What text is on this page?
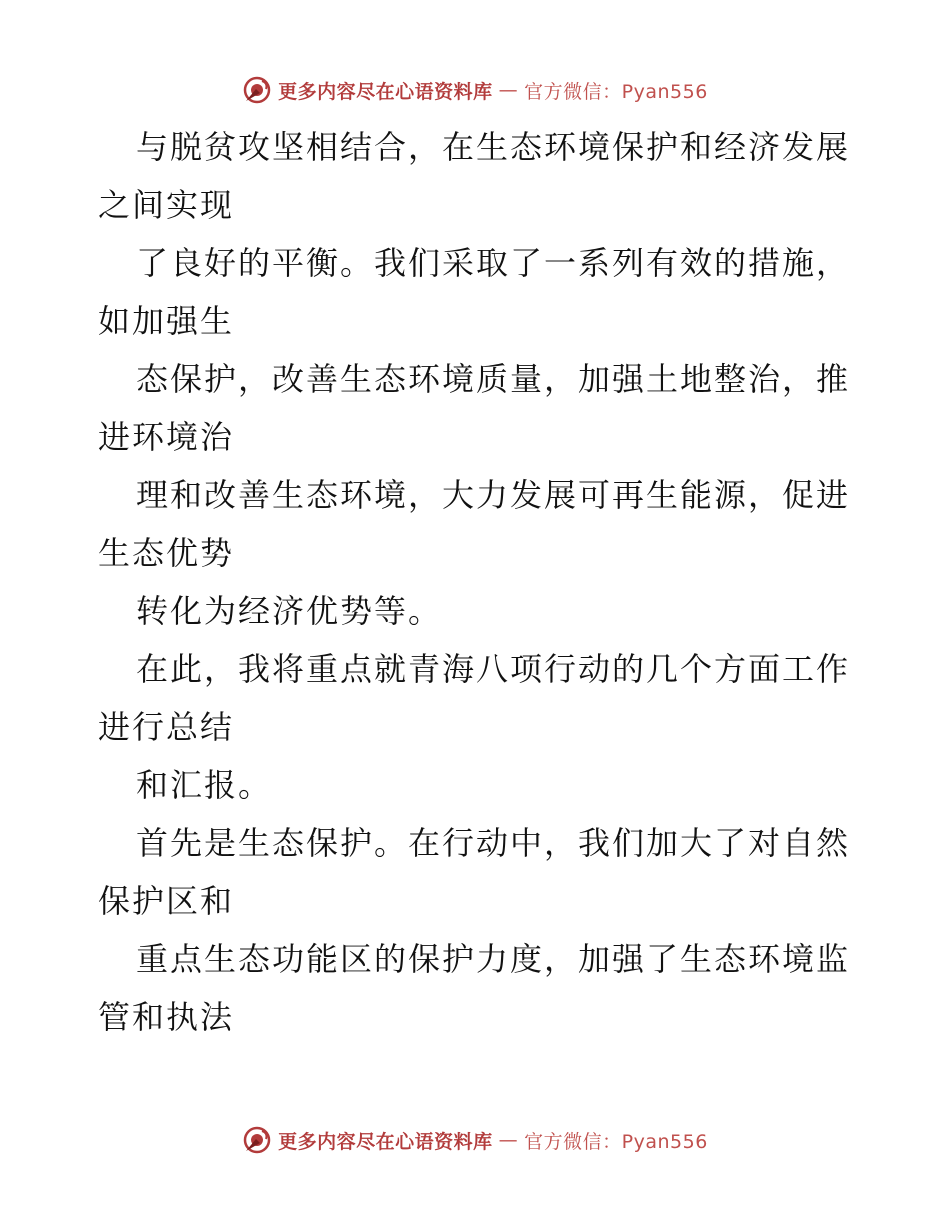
更多内容尽在心语资料库 — 官方微信：Pyan556
与脱贫攻坚相结合，在生态环境保护和经济发展
之间实现
了良好的平衡。我们采取了一系列有效的措施，
如加强生
态保护，改善生态环境质量，加强土地整治，推
进环境治
理和改善生态环境，大力发展可再生能源，促进
生态优势
转化为经济优势等。
在此，我将重点就青海八项行动的几个方面工作
进行总结
和汇报。
首先是生态保护。在行动中，我们加大了对自然
保护区和
重点生态功能区的保护力度，加强了生态环境监
管和执法
更多内容尽在心语资料库 — 官方微信：Pyan556
